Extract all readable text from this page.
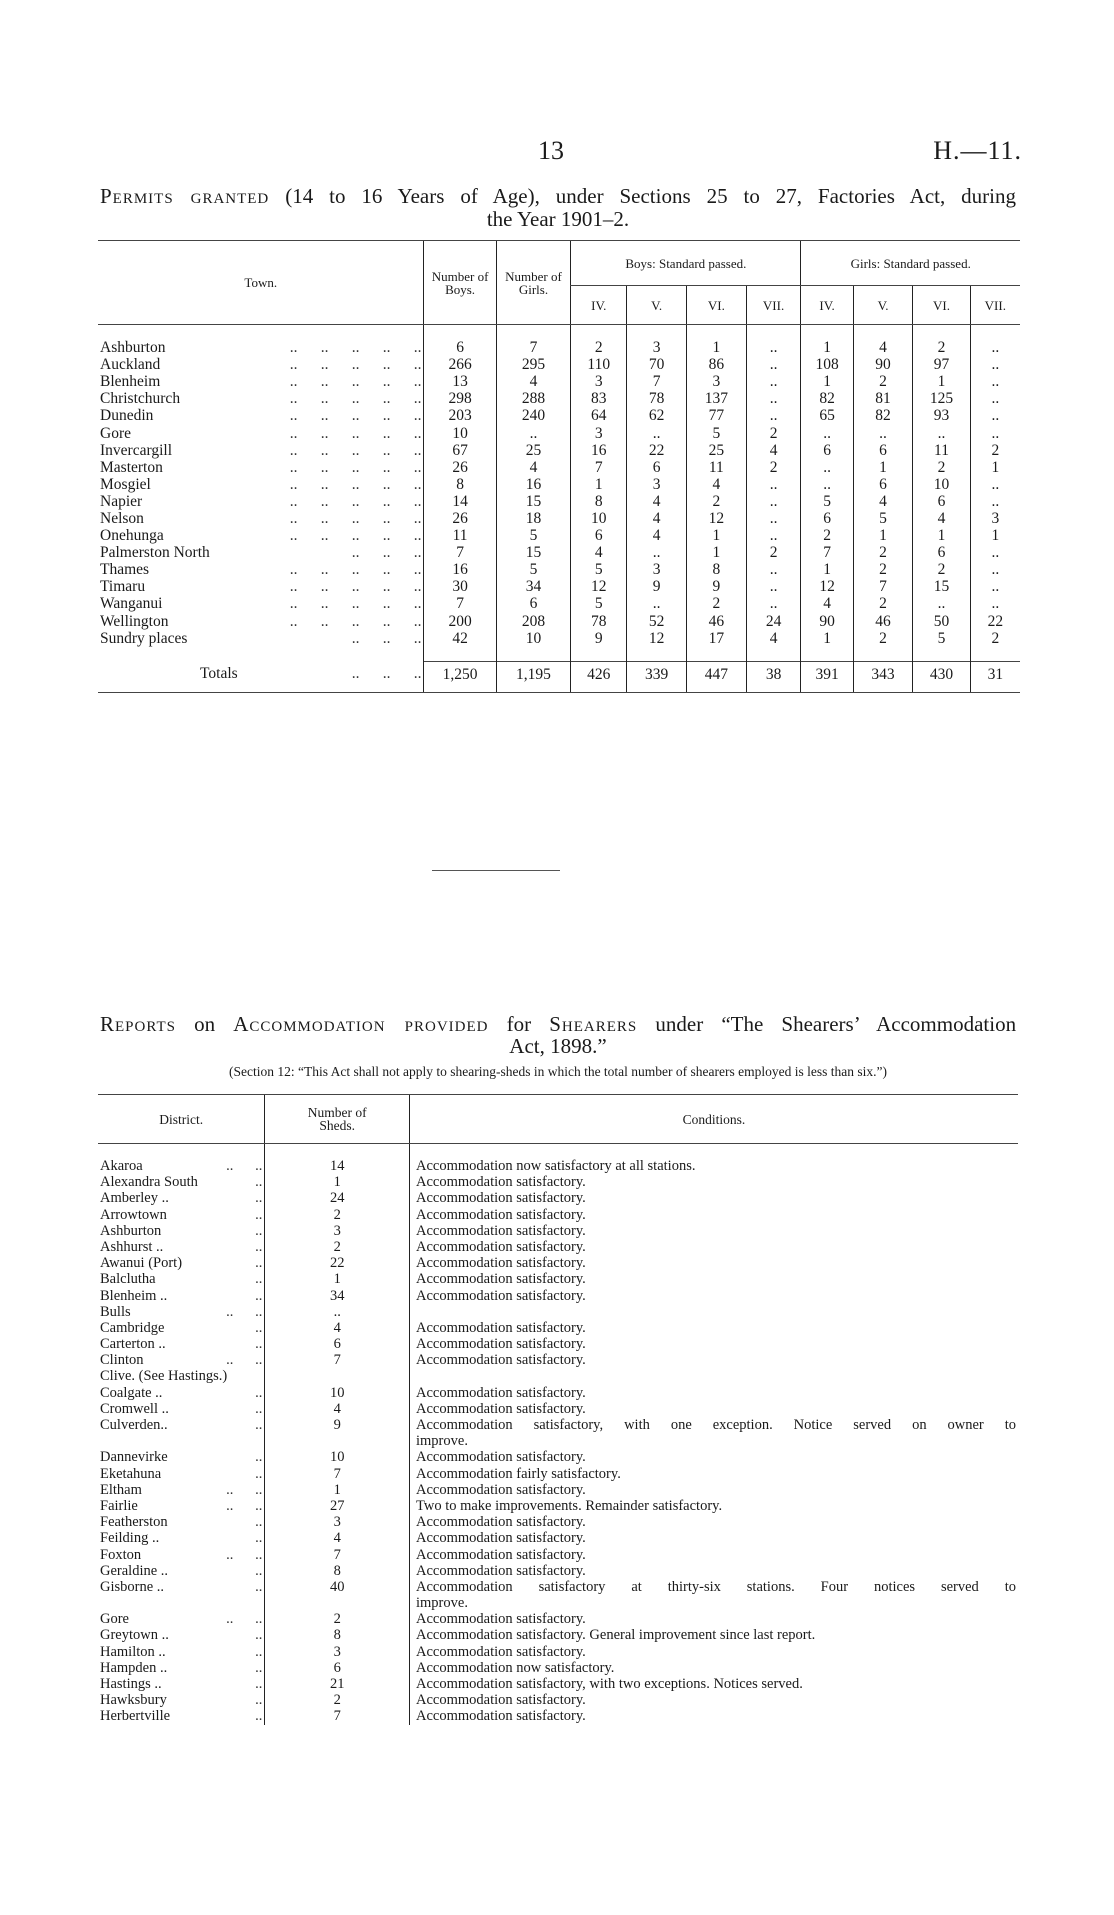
13	H.—11.
Permits granted (14 to 16 Years of Age), under Sections 25 to 27, Factories Act, during
the Year 1901–2.
Town.	Number of Boys.	Number of Girls.	Boys: Standard passed.				Girls: Standard passed.			
			IV.	V.	VI.	VII.	IV.	V.	VI.	VII.

Ashburton ..      ..      ..      ..      ..	6	7	2	3	1	..	1	4	2	..
Auckland ..      ..      ..      ..      ..	266	295	110	70	86	..	108	90	97	..
Blenheim ..      ..      ..      ..      ..	13	4	3	7	3	..	1	2	1	..
Christchurch ..      ..      ..      ..      ..	298	288	83	78	137	..	82	81	125	..
Dunedin ..      ..      ..      ..      ..	203	240	64	62	77	..	65	82	93	..
Gore ..      ..      ..      ..      ..	10	..	3	..	5	2	..	..	..	..
Invercargill ..      ..      ..      ..      ..	67	25	16	22	25	4	6	6	11	2
Masterton ..      ..      ..      ..      ..	26	4	7	6	11	2	..	1	2	1
Mosgiel ..      ..      ..      ..      ..	8	16	1	3	4	..	..	6	10	..
Napier ..      ..      ..      ..      ..	14	15	8	4	2	..	5	4	6	..
Nelson ..      ..      ..      ..      ..	26	18	10	4	12	..	6	5	4	3
Onehunga ..      ..      ..      ..      ..	11	5	6	4	1	..	2	1	1	1
Palmerston North ..      ..      ..	7	15	4	..	1	2	7	2	6	..
Thames ..      ..      ..      ..      ..	16	5	5	3	8	..	1	2	2	..
Timaru ..      ..      ..      ..      ..	30	34	12	9	9	..	12	7	15	..
Wanganui ..      ..      ..      ..      ..	7	6	5	..	2	..	4	2	..	..
Wellington ..      ..      ..      ..      ..	200	208	78	52	46	24	90	46	50	22
Sundry places ..      ..      ..	42	10	9	12	17	4	1	2	5	2

Totals ..      ..      ..	1,250	1,195	426	339	447	38	391	343	430	31
Reports on Accommodation provided for Shearers under “The Shearers’ Accommodation
Act, 1898.”
(Section 12: “This Act shall not apply to shearing-sheds in which the total number of shearers employed is less than six.”)
District.	Number of Sheds.	Conditions.

Akaroa ..      ..	14	Accommodation now satisfactory at all stations.
Alexandra South ..	1	Accommodation satisfactory.
Amberley .. ..	24	Accommodation satisfactory.
Arrowtown ..	2	Accommodation satisfactory.
Ashburton ..	3	Accommodation satisfactory.
Ashhurst .. ..	2	Accommodation satisfactory.
Awanui (Port) ..	22	Accommodation satisfactory.
Balclutha ..	1	Accommodation satisfactory.
Blenheim .. ..	34	Accommodation satisfactory.
Bulls ..      ..	..	
Cambridge ..	4	Accommodation satisfactory.
Carterton .. ..	6	Accommodation satisfactory.
Clinton ..      ..	7	Accommodation satisfactory.
Clive. (See Hastings.)		
Coalgate .. ..	10	Accommodation satisfactory.
Cromwell .. ..	4	Accommodation satisfactory.
Culverden.. ..	9	Accommodation satisfactory, with one exception. Notice served on owner to
		improve.
Dannevirke ..	10	Accommodation satisfactory.
Eketahuna ..	7	Accommodation fairly satisfactory.
Eltham ..      ..	1	Accommodation satisfactory.
Fairlie ..      ..	27	Two to make improvements. Remainder satisfactory.
Featherston ..	3	Accommodation satisfactory.
Feilding .. ..	4	Accommodation satisfactory.
Foxton ..      ..	7	Accommodation satisfactory.
Geraldine .. ..	8	Accommodation satisfactory.
Gisborne .. ..	40	Accommodation satisfactory at thirty-six stations. Four notices served to
		improve.
Gore ..      ..	2	Accommodation satisfactory.
Greytown .. ..	8	Accommodation satisfactory. General improvement since last report.
Hamilton .. ..	3	Accommodation satisfactory.
Hampden .. ..	6	Accommodation now satisfactory.
Hastings .. ..	21	Accommodation satisfactory, with two exceptions. Notices served.
Hawksbury ..	2	Accommodation satisfactory.
Herbertville ..	7	Accommodation satisfactory.
